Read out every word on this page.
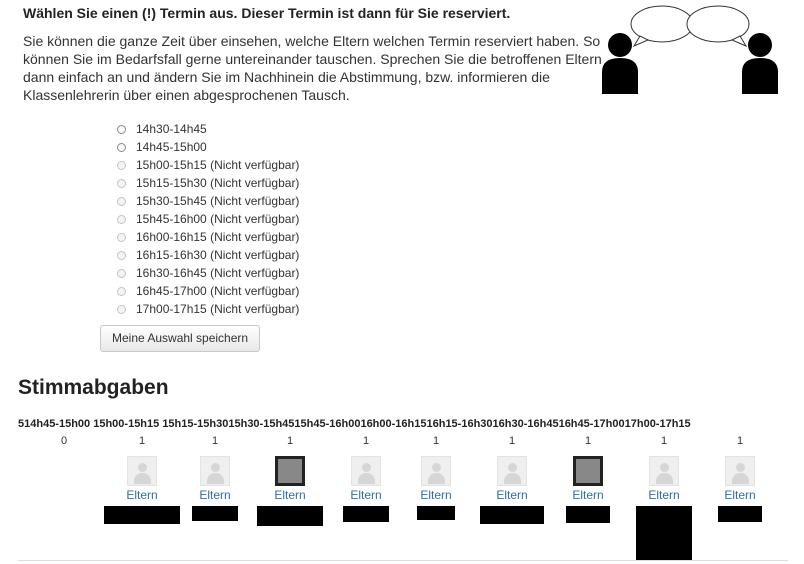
Wählen Sie einen (!) Termin aus. Dieser Termin ist dann für Sie reserviert.
Sie können die ganze Zeit über einsehen, welche Eltern welchen Termin reserviert haben. So können Sie im Bedarfsfall gerne untereinander tauschen. Sprechen Sie die betroffenen Eltern dann einfach an und ändern Sie im Nachhinein die Abstimmung, bzw. informieren die Klassenlehrerin über einen abgesprochenen Tausch.
14h30-14h45
14h45-15h00
15h00-15h15 (Nicht verfügbar)
15h15-15h30 (Nicht verfügbar)
15h30-15h45 (Nicht verfügbar)
15h45-16h00 (Nicht verfügbar)
16h00-16h15 (Nicht verfügbar)
16h15-16h30 (Nicht verfügbar)
16h30-16h45 (Nicht verfügbar)
16h45-17h00 (Nicht verfügbar)
17h00-17h15 (Nicht verfügbar)
Meine Auswahl speichern
Stimmabgaben
514h45-15h00 15h00-15h15 15h15-15h3015h30-15h4515h45-16h0016h00-16h1516h15-16h3016h30-16h4516h45-17h0017h00-17h15
0	1
Eltern
1
Eltern
1
Eltern
1
Eltern
1
Eltern
1
Eltern
1
Eltern
1
Eltern
1
Eltern
